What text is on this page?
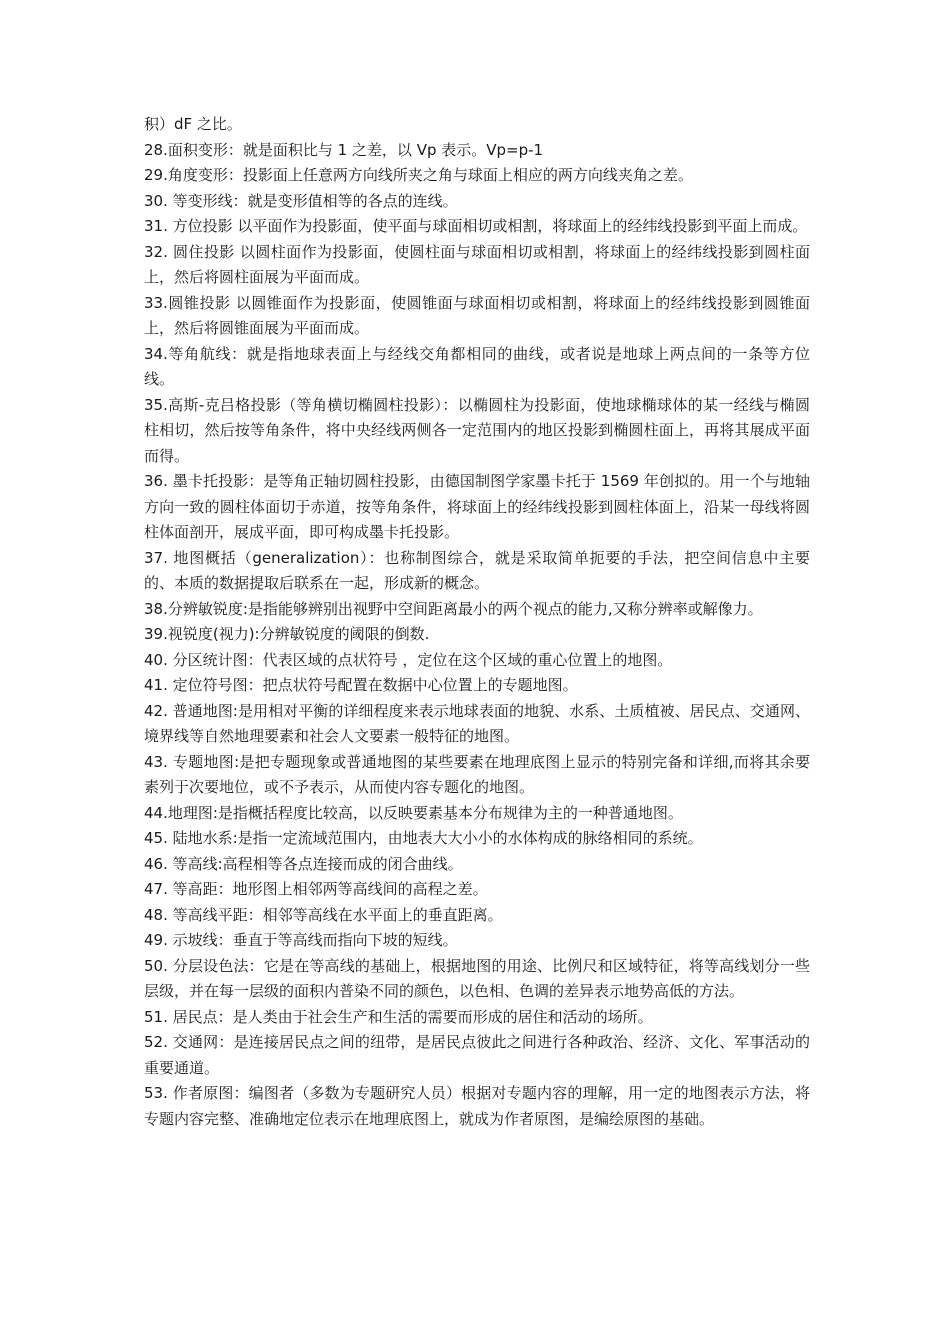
积）dF 之比。

28.面积变形：就是面积比与 1 之差，以 Vp 表示。Vp=p-1

29.角度变形：投影面上任意两方向线所夹之角与球面上相应的两方向线夹角之差。

30. 等变形线：就是变形值相等的各点的连线。

31. 方位投影 以平面作为投影面，使平面与球面相切或相割，将球面上的经纬线投影到平面上而成。

32. 圆住投影 以圆柱面作为投影面，使圆柱面与球面相切或相割，将球面上的经纬线投影到圆柱面上，然后将圆柱面展为平面而成。

33.圆锥投影 以圆锥面作为投影面，使圆锥面与球面相切或相割，将球面上的经纬线投影到圆锥面上，然后将圆锥面展为平面而成。

34.等角航线：就是指地球表面上与经线交角都相同的曲线，或者说是地球上两点间的一条等方位线。

35.高斯-克吕格投影（等角横切椭圆柱投影）：以椭圆柱为投影面，使地球椭球体的某一经线与椭圆柱相切，然后按等角条件，将中央经线两侧各一定范围内的地区投影到椭圆柱面上，再将其展成平面而得。

36. 墨卡托投影：是等角正轴切圆柱投影，由德国制图学家墨卡托于 1569 年创拟的。用一个与地轴方向一致的圆柱体面切于赤道，按等角条件，将球面上的经纬线投影到圆柱体面上，沿某一母线将圆柱体面剖开，展成平面，即可构成墨卡托投影。

37. 地图概括（generalization）：也称制图综合，就是采取简单扼要的手法，把空间信息中主要的、本质的数据提取后联系在一起，形成新的概念。

38.分辨敏锐度:是指能够辨别出视野中空间距离最小的两个视点的能力,又称分辨率或解像力。

39.视锐度(视力):分辨敏锐度的阈限的倒数.

40. 分区统计图：代表区域的点状符号 ，定位在这个区域的重心位置上的地图。

41. 定位符号图：把点状符号配置在数据中心位置上的专题地图。

42. 普通地图:是用相对平衡的详细程度来表示地球表面的地貌、水系、土质植被、居民点、交通网、境界线等自然地理要素和社会人文要素一般特征的地图。

43. 专题地图:是把专题现象或普通地图的某些要素在地理底图上显示的特别完备和详细,而将其余要素列于次要地位，或不予表示，从而使内容专题化的地图。

44.地理图:是指概括程度比较高，以反映要素基本分布规律为主的一种普通地图。

45. 陆地水系:是指一定流域范围内，由地表大大小小的水体构成的脉络相同的系统。

46. 等高线:高程相等各点连接而成的闭合曲线。

47. 等高距：地形图上相邻两等高线间的高程之差。

48. 等高线平距：相邻等高线在水平面上的垂直距离。

49. 示坡线：垂直于等高线而指向下坡的短线。

50. 分层设色法：它是在等高线的基础上，根据地图的用途、比例尺和区域特征，将等高线划分一些层级，并在每一层级的面积内普染不同的颜色，以色相、色调的差异表示地势高低的方法。

51. 居民点：是人类由于社会生产和生活的需要而形成的居住和活动的场所。

52. 交通网：是连接居民点之间的纽带，是居民点彼此之间进行各种政治、经济、文化、军事活动的重要通道。

53. 作者原图：编图者（多数为专题研究人员）根据对专题内容的理解，用一定的地图表示方法，将专题内容完整、准确地定位表示在地理底图上，就成为作者原图，是编绘原图的基础。
